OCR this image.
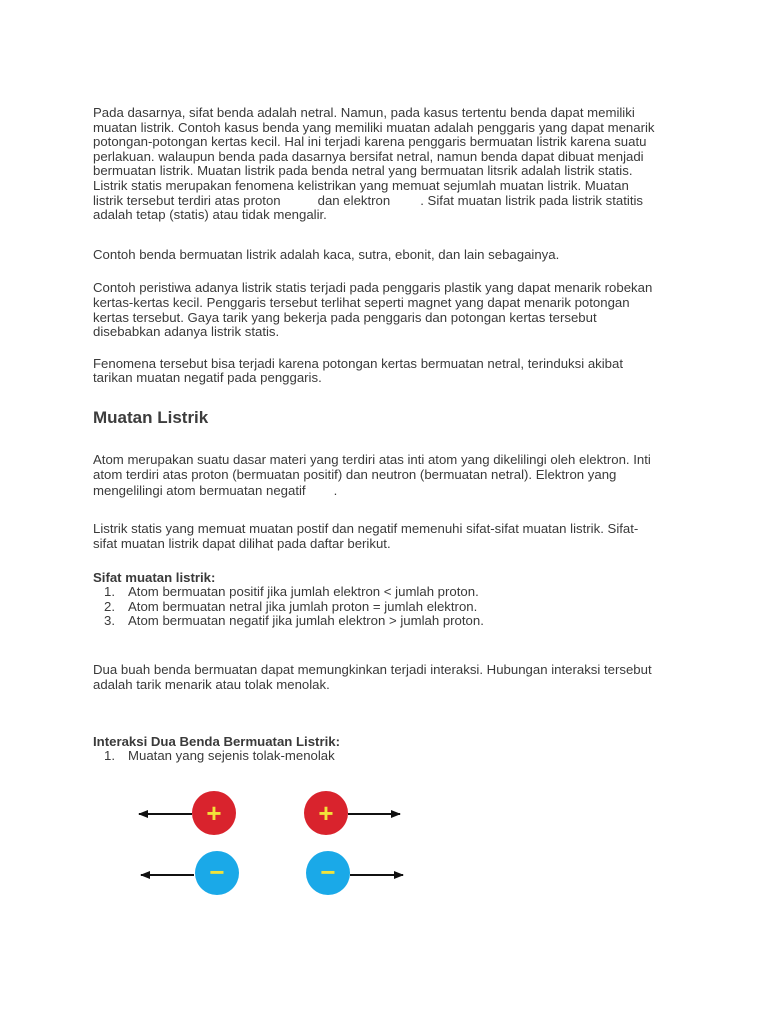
Pada dasarnya, sifat benda adalah netral. Namun, pada kasus tertentu benda dapat memiliki
muatan listrik. Contoh kasus benda yang memiliki muatan adalah penggaris yang dapat menarik
potongan-potongan kertas kecil. Hal ini terjadi karena penggaris bermuatan listrik karena suatu
perlakuan. walaupun benda pada dasarnya bersifat netral, namun benda dapat dibuat menjadi
bermuatan listrik. Muatan listrik pada benda netral yang bermuatan litsrik adalah listrik statis.
Listrik statis merupakan fenomena kelistrikan yang memuat sejumlah muatan listrik. Muatan
listrik tersebut terdiri atas proton	dan elektron . Sifat muatan listrik pada listrik statitis
adalah tetap (statis) atau tidak mengalir.

Contoh benda bermuatan listrik adalah kaca, sutra, ebonit, dan lain sebagainya.

Contoh peristiwa adanya listrik statis terjadi pada penggaris plastik yang dapat menarik robekan
kertas-kertas kecil. Penggaris tersebut terlihat seperti magnet yang dapat menarik potongan
kertas tersebut. Gaya tarik yang bekerja pada penggaris dan potongan kertas tersebut
disebabkan adanya listrik statis.

Fenomena tersebut bisa terjadi karena potongan kertas bermuatan netral, terinduksi akibat
tarikan muatan negatif pada penggaris.

Muatan Listrik

Atom merupakan suatu dasar materi yang terdiri atas inti atom yang dikelilingi oleh elektron. Inti
atom terdiri atas proton (bermuatan positif) dan neutron (bermuatan netral). Elektron yang
mengelilingi atom bermuatan negatif .

Listrik statis yang memuat muatan postif dan negatif memenuhi sifat-sifat muatan listrik. Sifat-
sifat muatan listrik dapat dilihat pada daftar berikut.

Sifat muatan listrik:

1. Atom bermuatan positif jika jumlah elektron < jumlah proton.
2. Atom bermuatan netral jika jumlah proton = jumlah elektron.
3. Atom bermuatan negatif jika jumlah elektron > jumlah proton.

Dua buah benda bermuatan dapat memungkinkan terjadi interaksi. Hubungan interaksi tersebut
adalah tarik menarik atau tolak menolak.

Interaksi Dua Benda Bermuatan Listrik:

1. Muatan yang sejenis tolak-menolak
+	+
−	−
